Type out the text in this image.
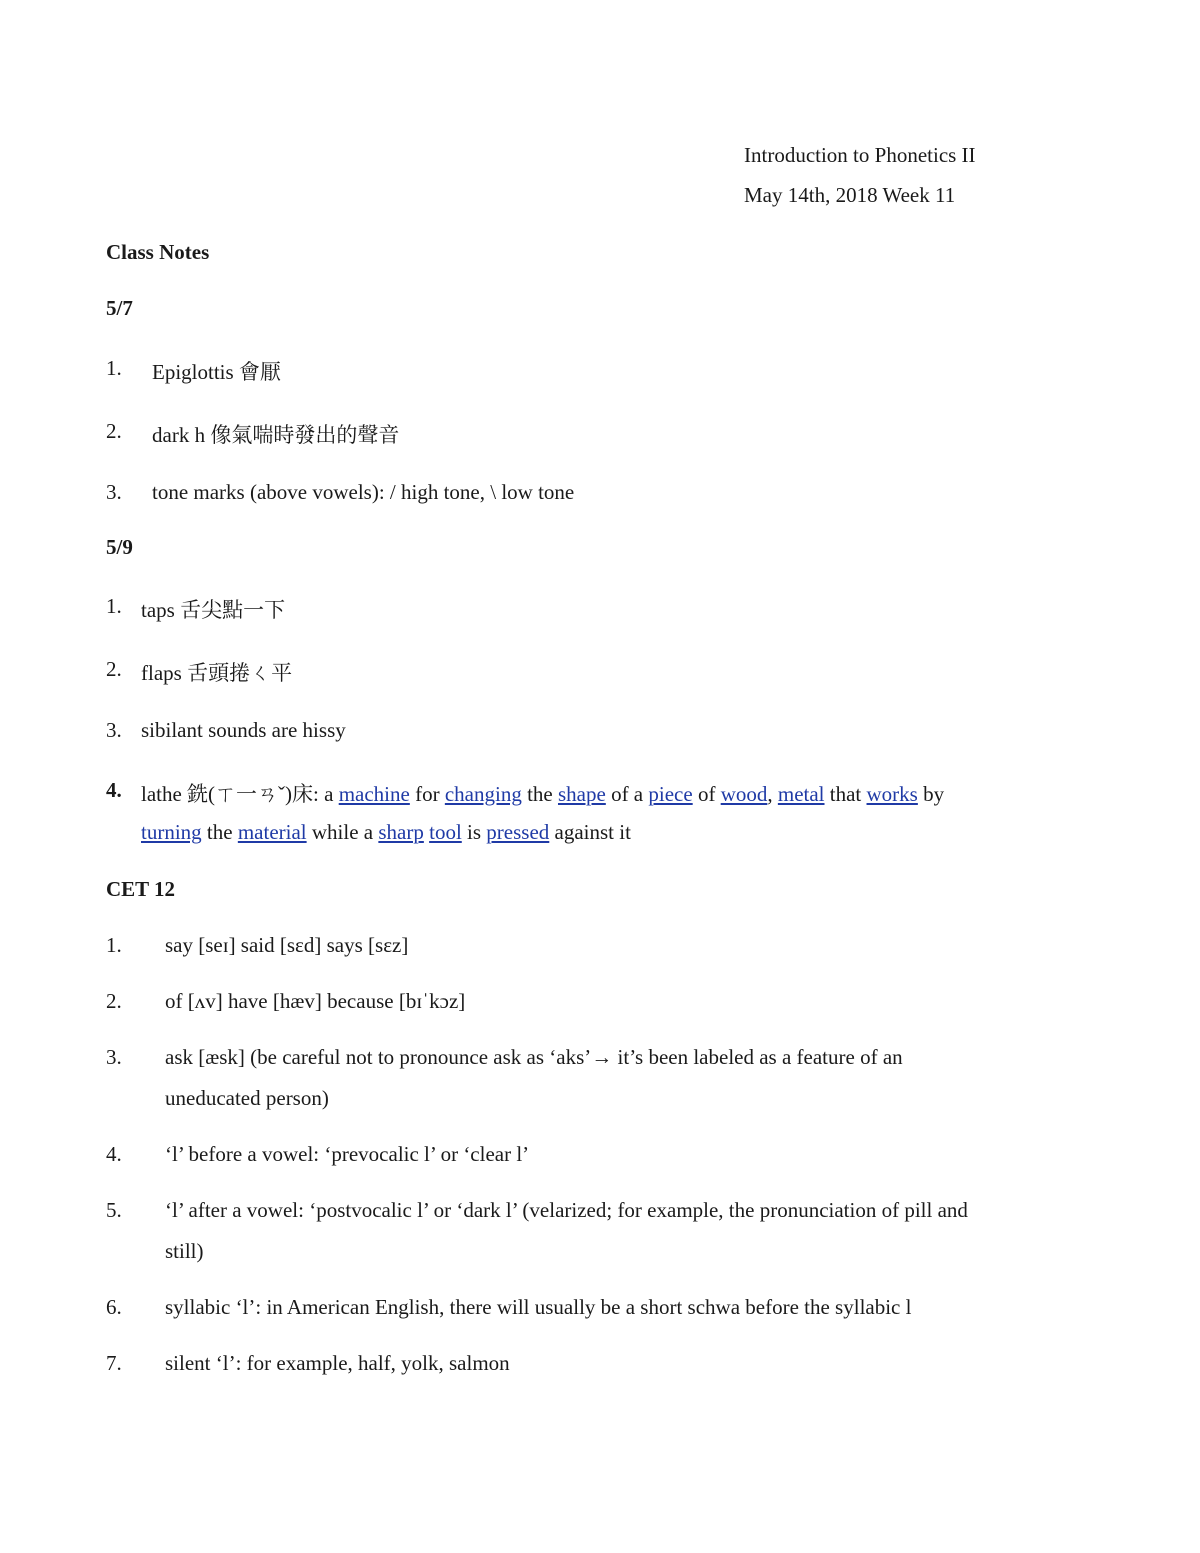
Introduction to Phonetics II
May 14th, 2018 Week 11
Class Notes
5/7
1. Epiglottis 會厭
2. dark h 像氣喘時發出的聲音
3. tone marks (above vowels): / high tone, \ low tone
5/9
1. taps 舌尖點一下
2. flaps 舌頭捲ㄑ平
3. sibilant sounds are hissy
4. lathe 銑(ㄒ一ㄢˇ)床: a machine for changing the shape of a piece of wood, metal that works by
turning the material while a sharp tool is pressed against it
CET 12
1. say [seɪ] said [sɛd] says [sɛz]
2. of [ʌv] have [hæv] because [bɪˈkɔz]
3. ask [æsk] (be careful not to pronounce ask as ‘aks’→ it’s been labeled as a feature of an
uneducated person)
4. ‘l’ before a vowel: ‘prevocalic l’ or ‘clear l’
5. ‘l’ after a vowel: ‘postvocalic l’ or ‘dark l’ (velarized; for example, the pronunciation of pill and
still)
6. syllabic ‘l’: in American English, there will usually be a short schwa before the syllabic l
7. silent ‘l’: for example, half, yolk, salmon
